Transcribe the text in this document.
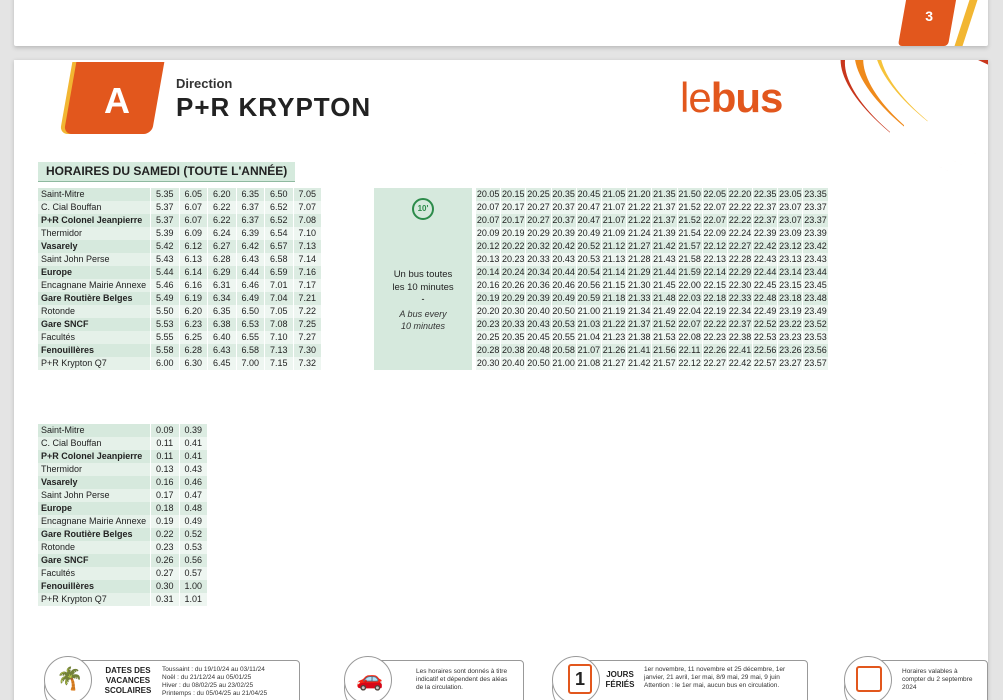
3
A	Direction
P+R KRYPTON	lebus
HORAIRES DU SAMEDI (TOUTE L'ANNÉE)
Saint-Mitre	5.35	6.05	6.20	6.35	6.50	7.05
C. Cial Bouffan	5.37	6.07	6.22	6.37	6.52	7.07
P+R Colonel Jeanpierre	5.37	6.07	6.22	6.37	6.52	7.08
Thermidor	5.39	6.09	6.24	6.39	6.54	7.10
Vasarely	5.42	6.12	6.27	6.42	6.57	7.13
Saint John Perse	5.43	6.13	6.28	6.43	6.58	7.14
Europe	5.44	6.14	6.29	6.44	6.59	7.16
Encagnane Mairie Annexe	5.46	6.16	6.31	6.46	7.01	7.17
Gare Routière Belges	5.49	6.19	6.34	6.49	7.04	7.21
Rotonde	5.50	6.20	6.35	6.50	7.05	7.22
Gare SNCF	5.53	6.23	6.38	6.53	7.08	7.25
Facultés	5.55	6.25	6.40	6.55	7.10	7.27
Fenouillères	5.58	6.28	6.43	6.58	7.13	7.30
P+R Krypton Q7	6.00	6.30	6.45	7.00	7.15	7.32
10'
Un bus toutes
les 10 minutes
-
A bus every
10 minutes
20.05 20.15 20.25 20.35 20.45 21.05 21.20 21.35 21.50 22.05 22.20 22.35 23.05 23.35
20.07 20.17 20.27 20.37 20.47 21.07 21.22 21.37 21.52 22.07 22.22 22.37 23.07 23.37
20.07 20.17 20.27 20.37 20.47 21.07 21.22 21.37 21.52 22.07 22.22 22.37 23.07 23.37
20.09 20.19 20.29 20.39 20.49 21.09 21.24 21.39 21.54 22.09 22.24 22.39 23.09 23.39
20.12 20.22 20.32 20.42 20.52 21.12 21.27 21.42 21.57 22.12 22.27 22.42 23.12 23.42
20.13 20.23 20.33 20.43 20.53 21.13 21.28 21.43 21.58 22.13 22.28 22.43 23.13 23.43
20.14 20.24 20.34 20.44 20.54 21.14 21.29 21.44 21.59 22.14 22.29 22.44 23.14 23.44
20.16 20.26 20.36 20.46 20.56 21.15 21.30 21.45 22.00 22.15 22.30 22.45 23.15 23.45
20.19 20.29 20.39 20.49 20.59 21.18 21.33 21.48 22.03 22.18 22.33 22.48 23.18 23.48
20.20 20.30 20.40 20.50 21.00 21.19 21.34 21.49 22.04 22.19 22.34 22.49 23.19 23.49
20.23 20.33 20.43 20.53 21.03 21.22 21.37 21.52 22.07 22.22 22.37 22.52 23.22 23.52
20.25 20.35 20.45 20.55 21.04 21.23 21.38 21.53 22.08 22.23 22.38 22.53 23.23 23.53
20.28 20.38 20.48 20.58 21.07 21.26 21.41 21.56 22.11 22.26 22.41 22.56 23.26 23.56
20.30 20.40 20.50 21.00 21.08 21.27 21.42 21.57 22.12 22.27 22.42 22.57 23.27 23.57
Saint-Mitre	0.09	0.39
C. Cial Bouffan	0.11	0.41
P+R Colonel Jeanpierre	0.11	0.41
Thermidor	0.13	0.43
Vasarely	0.16	0.46
Saint John Perse	0.17	0.47
Europe	0.18	0.48
Encagnane Mairie Annexe	0.19	0.49
Gare Routière Belges	0.22	0.52
Rotonde	0.23	0.53
Gare SNCF	0.26	0.56
Facultés	0.27	0.57
Fenouillères	0.30	1.00
P+R Krypton Q7	0.31	1.01
🌴	DATES DES
VACANCES
SCOLAIRES
Toussaint : du 19/10/24 au 03/11/24
Noël : du 21/12/24 au 05/01/25
Hiver : du 08/02/25 au 23/02/25
Printemps : du 05/04/25 au 21/04/25
🚗	Les horaires sont donnés à titre
indicatif et dépendent des aléas
de la circulation.	1	JOURS
FÉRIÉS
1er novembre, 11 novembre et 25 décembre, 1er
janvier, 21 avril, 1er mai, 8/9 mai, 29 mai, 9 juin
Attention : le 1er mai, aucun bus en circulation.
Horaires valables à
compter du 2 septembre
2024
